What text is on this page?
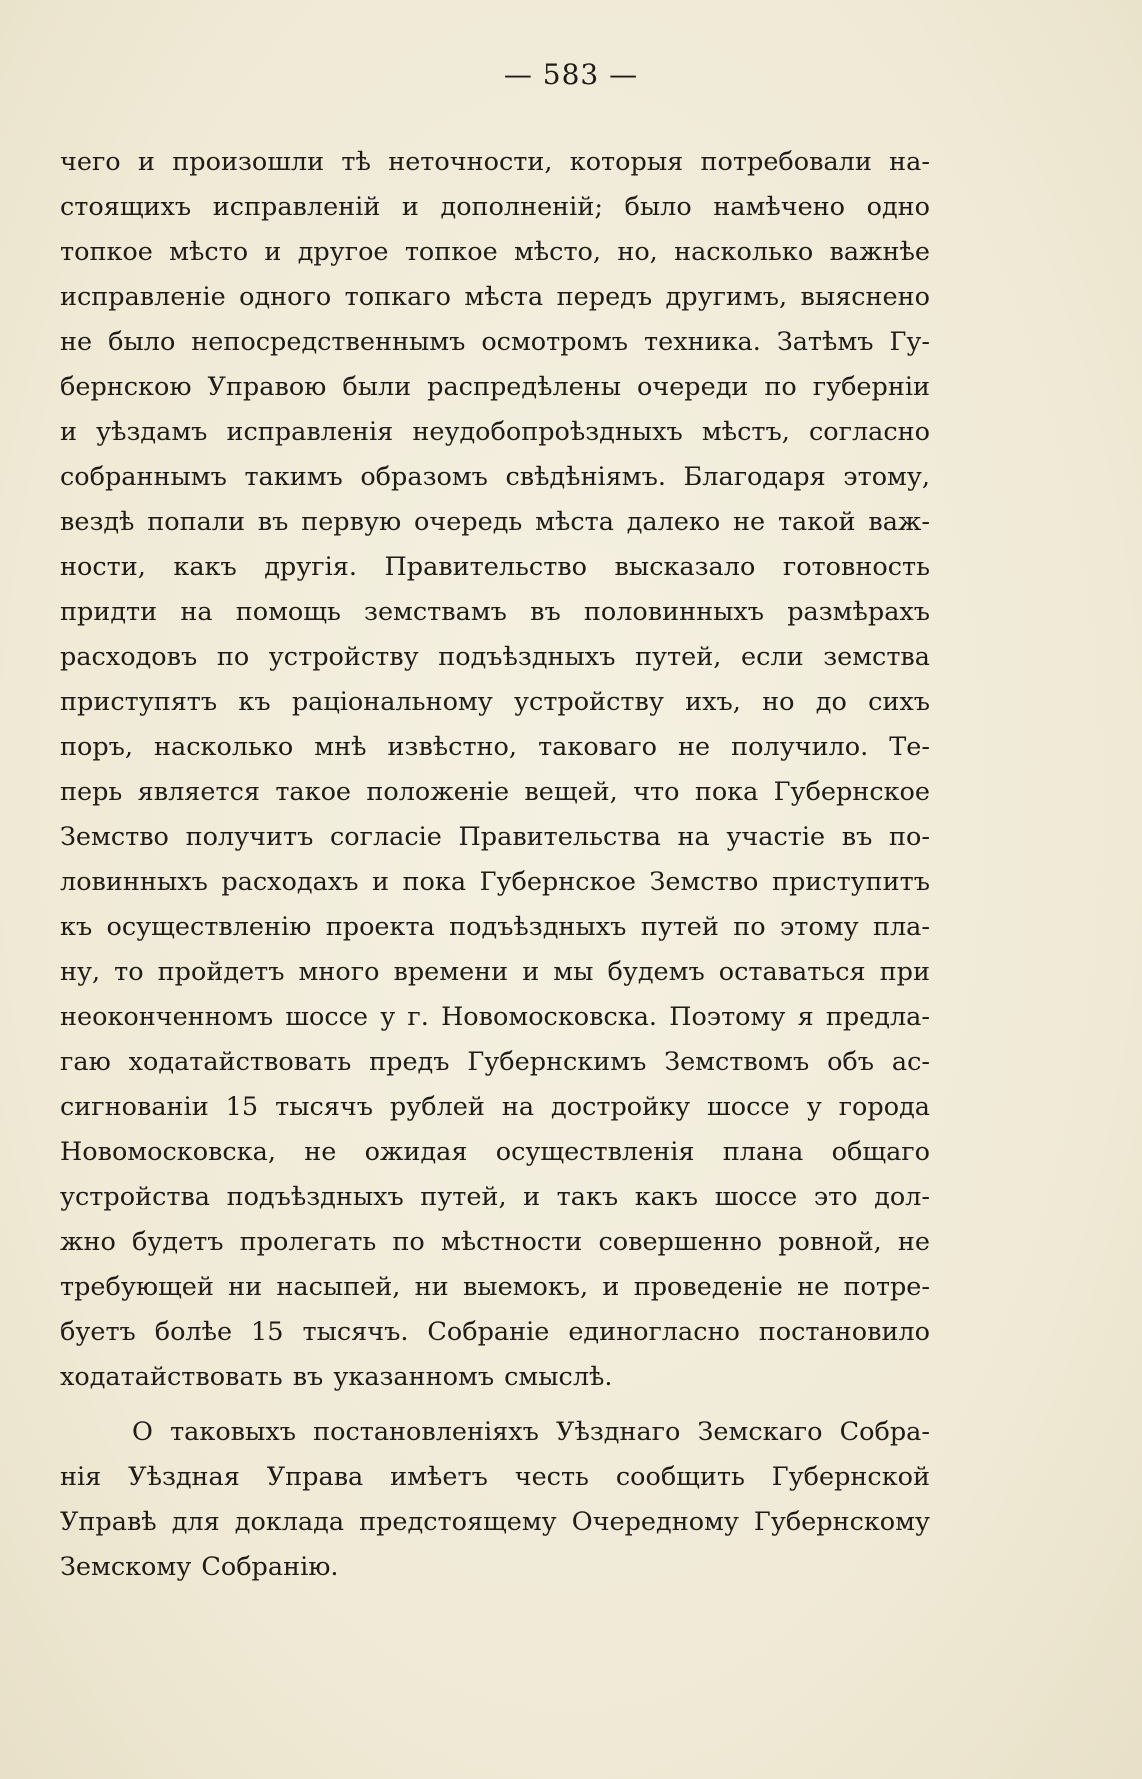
— 583 —
чего и произошли тѣ неточности, которыя потребовали на-
стоящихъ исправленій и дополненій; было намѣчено одно
топкое мѣсто и другое топкое мѣсто, но, насколько важнѣе
исправленіе одного топкаго мѣста передъ другимъ, выяснено
не было непосредственнымъ осмотромъ техника. Затѣмъ Гу-
бернскою Управою были распредѣлены очереди по губерніи
и уѣздамъ исправленія неудобопроѣздныхъ мѣстъ, согласно
собраннымъ такимъ образомъ свѣдѣніямъ. Благодаря этому,
вездѣ попали въ первую очередь мѣста далеко не такой важ-
ности, какъ другія. Правительство высказало готовность
придти на помощь земствамъ въ половинныхъ размѣрахъ
расходовъ по устройству подъѣздныхъ путей, если земства
приступятъ къ раціональному устройству ихъ, но до сихъ
поръ, насколько мнѣ извѣстно, таковаго не получило. Те-
перь является такое положеніе вещей, что пока Губернское
Земство получитъ согласіе Правительства на участіе въ по-
ловинныхъ расходахъ и пока Губернское Земство приступитъ
къ осуществленію проекта подъѣздныхъ путей по этому пла-
ну, то пройдетъ много времени и мы будемъ оставаться при
неоконченномъ шоссе у г. Новомосковска. Поэтому я предла-
гаю ходатайствовать предъ Губернскимъ Земствомъ объ ас-
сигнованіи 15 тысячъ рублей на достройку шоссе у города
Новомосковска, не ожидая осуществленія плана общаго
устройства подъѣздныхъ путей, и такъ какъ шоссе это дол-
жно будетъ пролегать по мѣстности совершенно ровной, не
требующей ни насыпей, ни выемокъ, и проведеніе не потре-
буетъ болѣе 15 тысячъ. Собраніе единогласно постановило
ходатайствовать въ указанномъ смыслѣ.
О таковыхъ постановленіяхъ Уѣзднаго Земскаго Собра-
нія Уѣздная Управа имѣетъ честь сообщить Губернской
Управѣ для доклада предстоящему Очередному Губернскому
Земскому Собранію.
